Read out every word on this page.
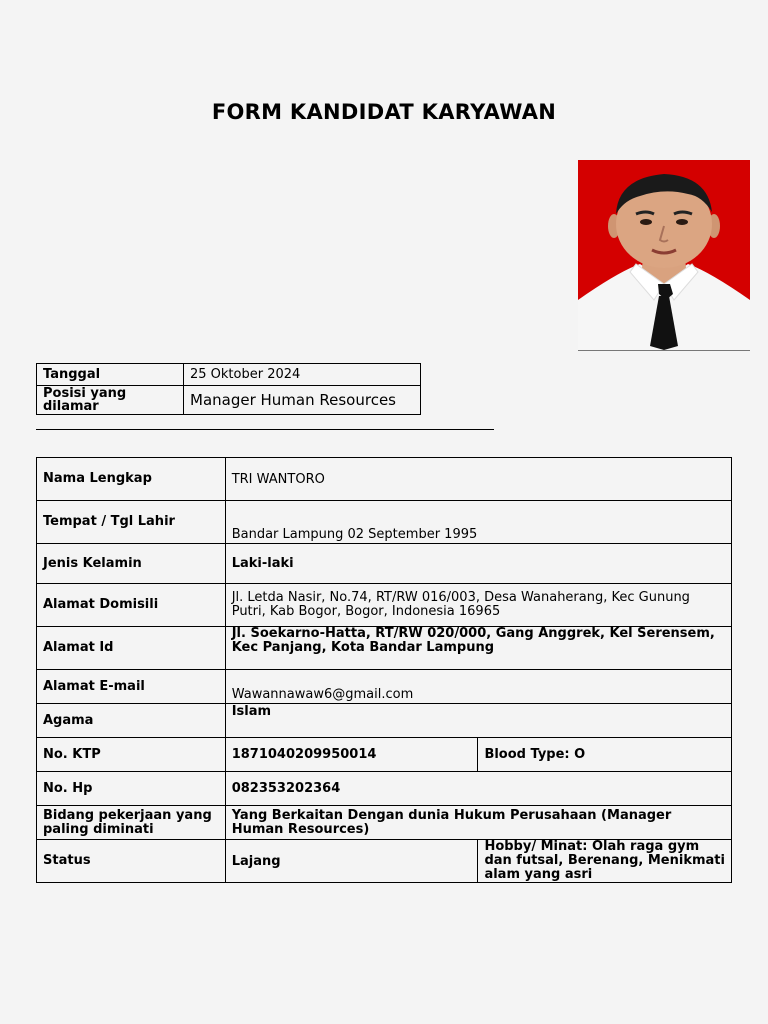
FORM KANDIDAT KARYAWAN
Tanggal	25 Oktober 2024
Posisi yang dilamar	Manager Human Resources
Nama Lengkap	TRI WANTORO	
Tempat / Tgl Lahir	Bandar Lampung 02 September 1995	
Jenis Kelamin	Laki-laki	
Alamat Domisili	Jl. Letda Nasir, No.74, RT/RW 016/003, Desa Wanaherang, Kec Gunung Putri, Kab Bogor, Bogor, Indonesia 16965	
Alamat Id	Jl. Soekarno-Hatta, RT/RW 020/000, Gang Anggrek, Kel Serensem, Kec Panjang, Kota Bandar Lampung	
Alamat E-mail	Wawannawaw6@gmail.com	
Agama	Islam	
No. KTP	1871040209950014	Blood Type: O
No. Hp	082353202364	
Bidang pekerjaan yang paling diminati	Yang Berkaitan Dengan dunia Hukum Perusahaan (Manager Human Resources)	
Status	Lajang	Hobby/ Minat: Olah raga gym dan futsal, Berenang, Menikmati alam yang asri
